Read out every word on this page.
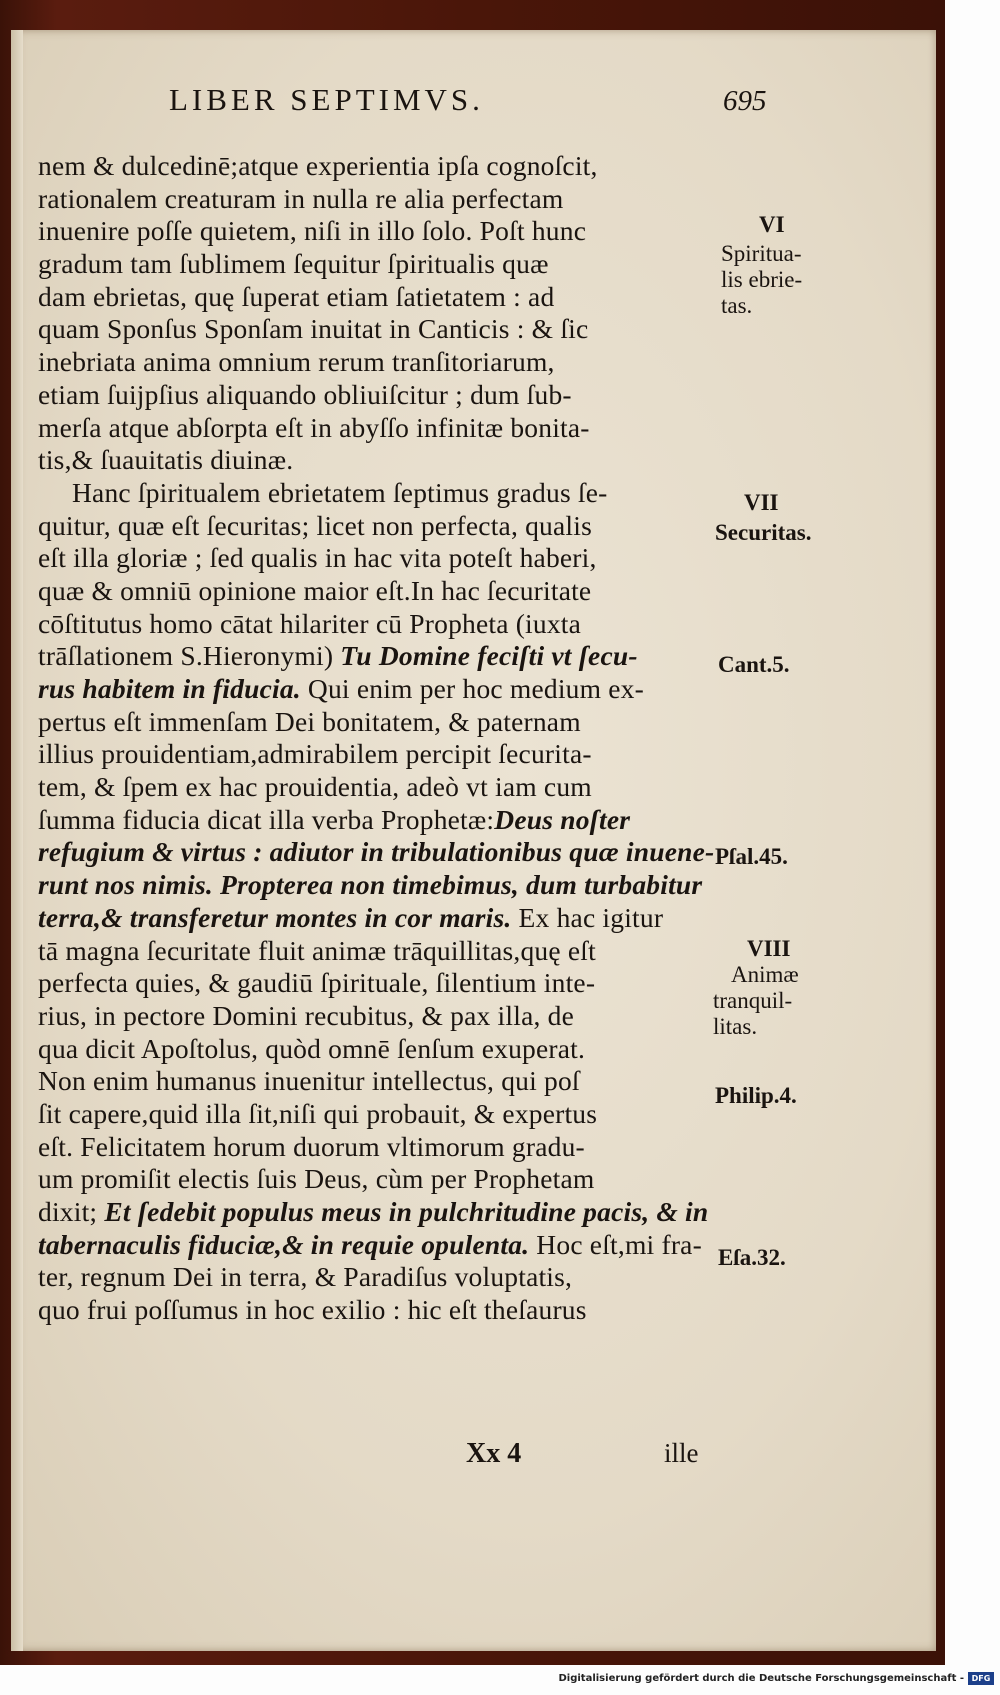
LIBER SEPTIMVS.	695

nem & dulcedinē;atque experientia ipſa cognoſcit,
rationalem creaturam in nulla re alia perfectam
inuenire poſſe quietem, niſi in illo ſolo. Poſt hunc
gradum tam ſublimem ſequitur ſpiritualis quæ
dam ebrietas, quę ſuperat etiam ſatietatem : ad
quam Sponſus Sponſam inuitat in Canticis : & ſic
inebriata anima omnium rerum tranſitoriarum,
etiam ſuijpſius aliquando obliuiſcitur ; dum ſub-
merſa atque abſorpta eſt in abyſſo infinitæ bonita-
tis,& ſuauitatis diuinæ.
Hanc ſpiritualem ebrietatem ſeptimus gradus ſe-
quitur, quæ eſt ſecuritas; licet non perfecta, qualis
eſt illa gloriæ ; ſed qualis in hac vita poteſt haberi,
quæ & omniū opinione maior eſt.In hac ſecuritate
cōſtitutus homo cātat hilariter cū Propheta (iuxta
trāſlationem S.Hieronymi) Tu Domine feciſti vt ſecu-
rus habitem in fiducia. Qui enim per hoc medium ex-
pertus eſt immenſam Dei bonitatem, & paternam
illius prouidentiam,admirabilem percipit ſecurita-
tem, & ſpem ex hac prouidentia, adeò vt iam cum
ſumma fiducia dicat illa verba Prophetæ:Deus noſter
refugium & virtus : adiutor in tribulationibus quæ inuene-
runt nos nimis. Propterea non timebimus, dum turbabitur
terra,& transferetur montes in cor maris. Ex hac igitur
tā magna ſecuritate fluit animæ trāquillitas,quę eſt
perfecta quies, & gaudiū ſpirituale, ſilentium inte-
rius, in pectore Domini recubitus, & pax illa, de
qua dicit Apoſtolus, quòd omnē ſenſum exuperat.
Non enim humanus inuenitur intellectus, qui poſ
ſit capere,quid illa ſit,niſi qui probauit, & expertus
eſt. Felicitatem horum duorum vltimorum gradu-
um promiſit electis ſuis Deus, cùm per Prophetam
dixit; Et ſedebit populus meus in pulchritudine pacis, & in
tabernaculis fiduciæ,& in requie opulenta. Hoc eſt,mi fra-
ter, regnum Dei in terra, & Paradiſus voluptatis,
quo frui poſſumus in hoc exilio : hic eſt theſaurus

VI

Spiritua-

lis ebrie-

tas.

VII

Securitas.

Cant.5.

Pſal.45.

VIII

Animæ

tranquil-

litas.

Philip.4.

Eſa.32.

Xx 4	ille

Digitalisierung gefördert durch die Deutsche Forschungsgemeinschaft - DFG
